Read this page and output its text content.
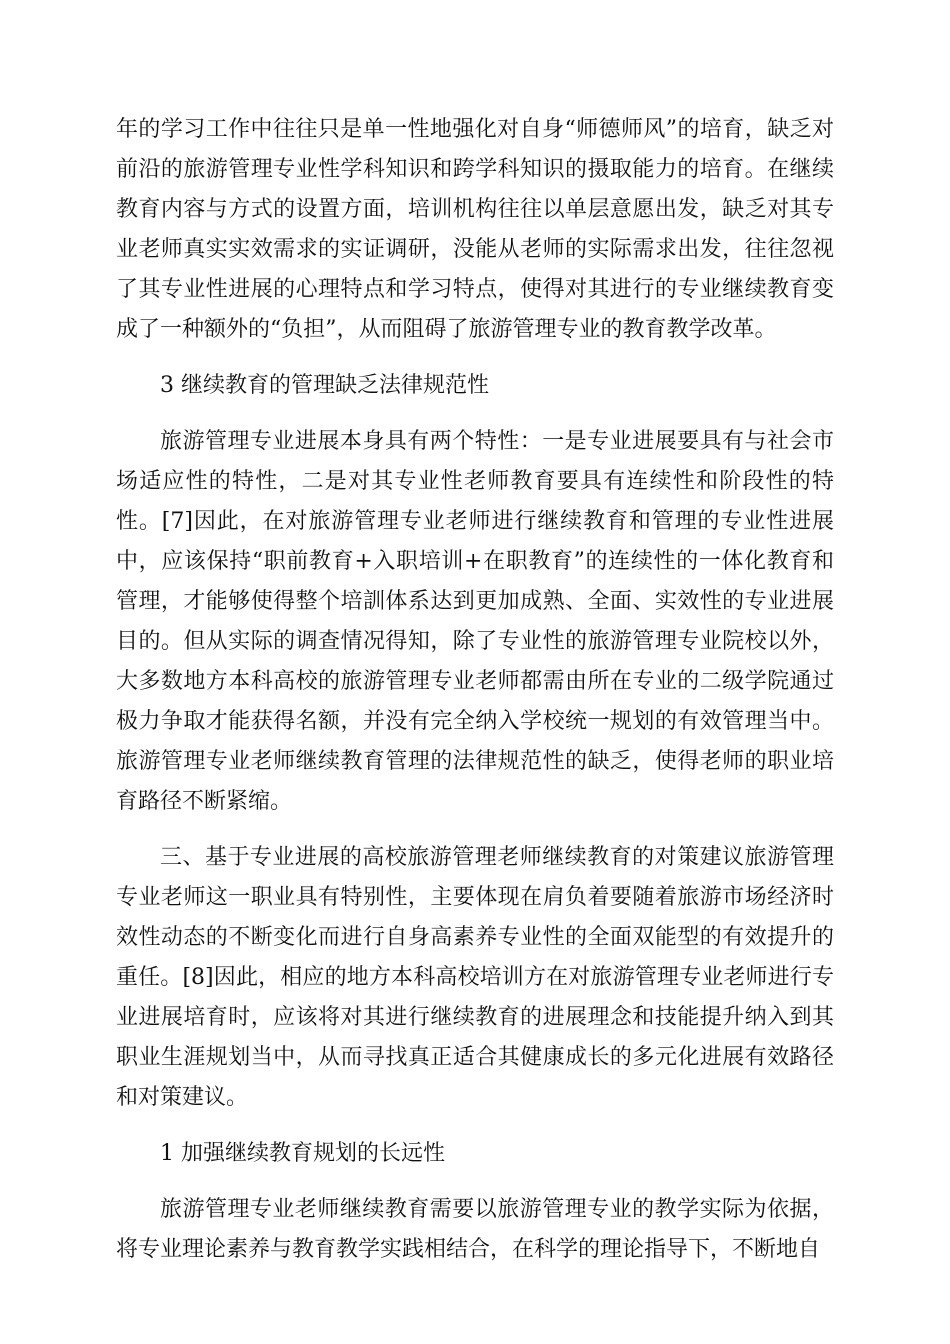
年的学习工作中往往只是单一性地强化对自身“师德师风”的培育，缺乏对前沿的旅游管理专业性学科知识和跨学科知识的摄取能力的培育。在继续教育内容与方式的设置方面，培训机构往往以单层意愿出发，缺乏对其专业老师真实实效需求的实证调研，没能从老师的实际需求出发，往往忽视了其专业性进展的心理特点和学习特点，使得对其进行的专业继续教育变成了一种额外的“负担”，从而阻碍了旅游管理专业的教育教学改革。

3 继续教育的管理缺乏法律规范性

旅游管理专业进展本身具有两个特性：一是专业进展要具有与社会市场适应性的特性，二是对其专业性老师教育要具有连续性和阶段性的特性。[7]因此，在对旅游管理专业老师进行继续教育和管理的专业性进展中，应该保持“职前教育+入职培训+在职教育”的连续性的一体化教育和管理，才能够使得整个培訓体系达到更加成熟、全面、实效性的专业进展目的。但从实际的调查情况得知，除了专业性的旅游管理专业院校以外，大多数地方本科高校的旅游管理专业老师都需由所在专业的二级学院通过极力争取才能获得名额，并没有完全纳入学校统一规划的有效管理当中。旅游管理专业老师继续教育管理的法律规范性的缺乏，使得老师的职业培育路径不断紧缩。

三、基于专业进展的高校旅游管理老师继续教育的对策建议旅游管理专业老师这一职业具有特别性，主要体现在肩负着要随着旅游市场经济时效性动态的不断变化而进行自身高素养专业性的全面双能型的有效提升的重任。[8]因此，相应的地方本科高校培训方在对旅游管理专业老师进行专业进展培育时，应该将对其进行继续教育的进展理念和技能提升纳入到其职业生涯规划当中，从而寻找真正适合其健康成长的多元化进展有效路径和对策建议。

1 加强继续教育规划的长远性

旅游管理专业老师继续教育需要以旅游管理专业的教学实际为依据，将专业理论素养与教育教学实践相结合，在科学的理论指导下，不断地自
